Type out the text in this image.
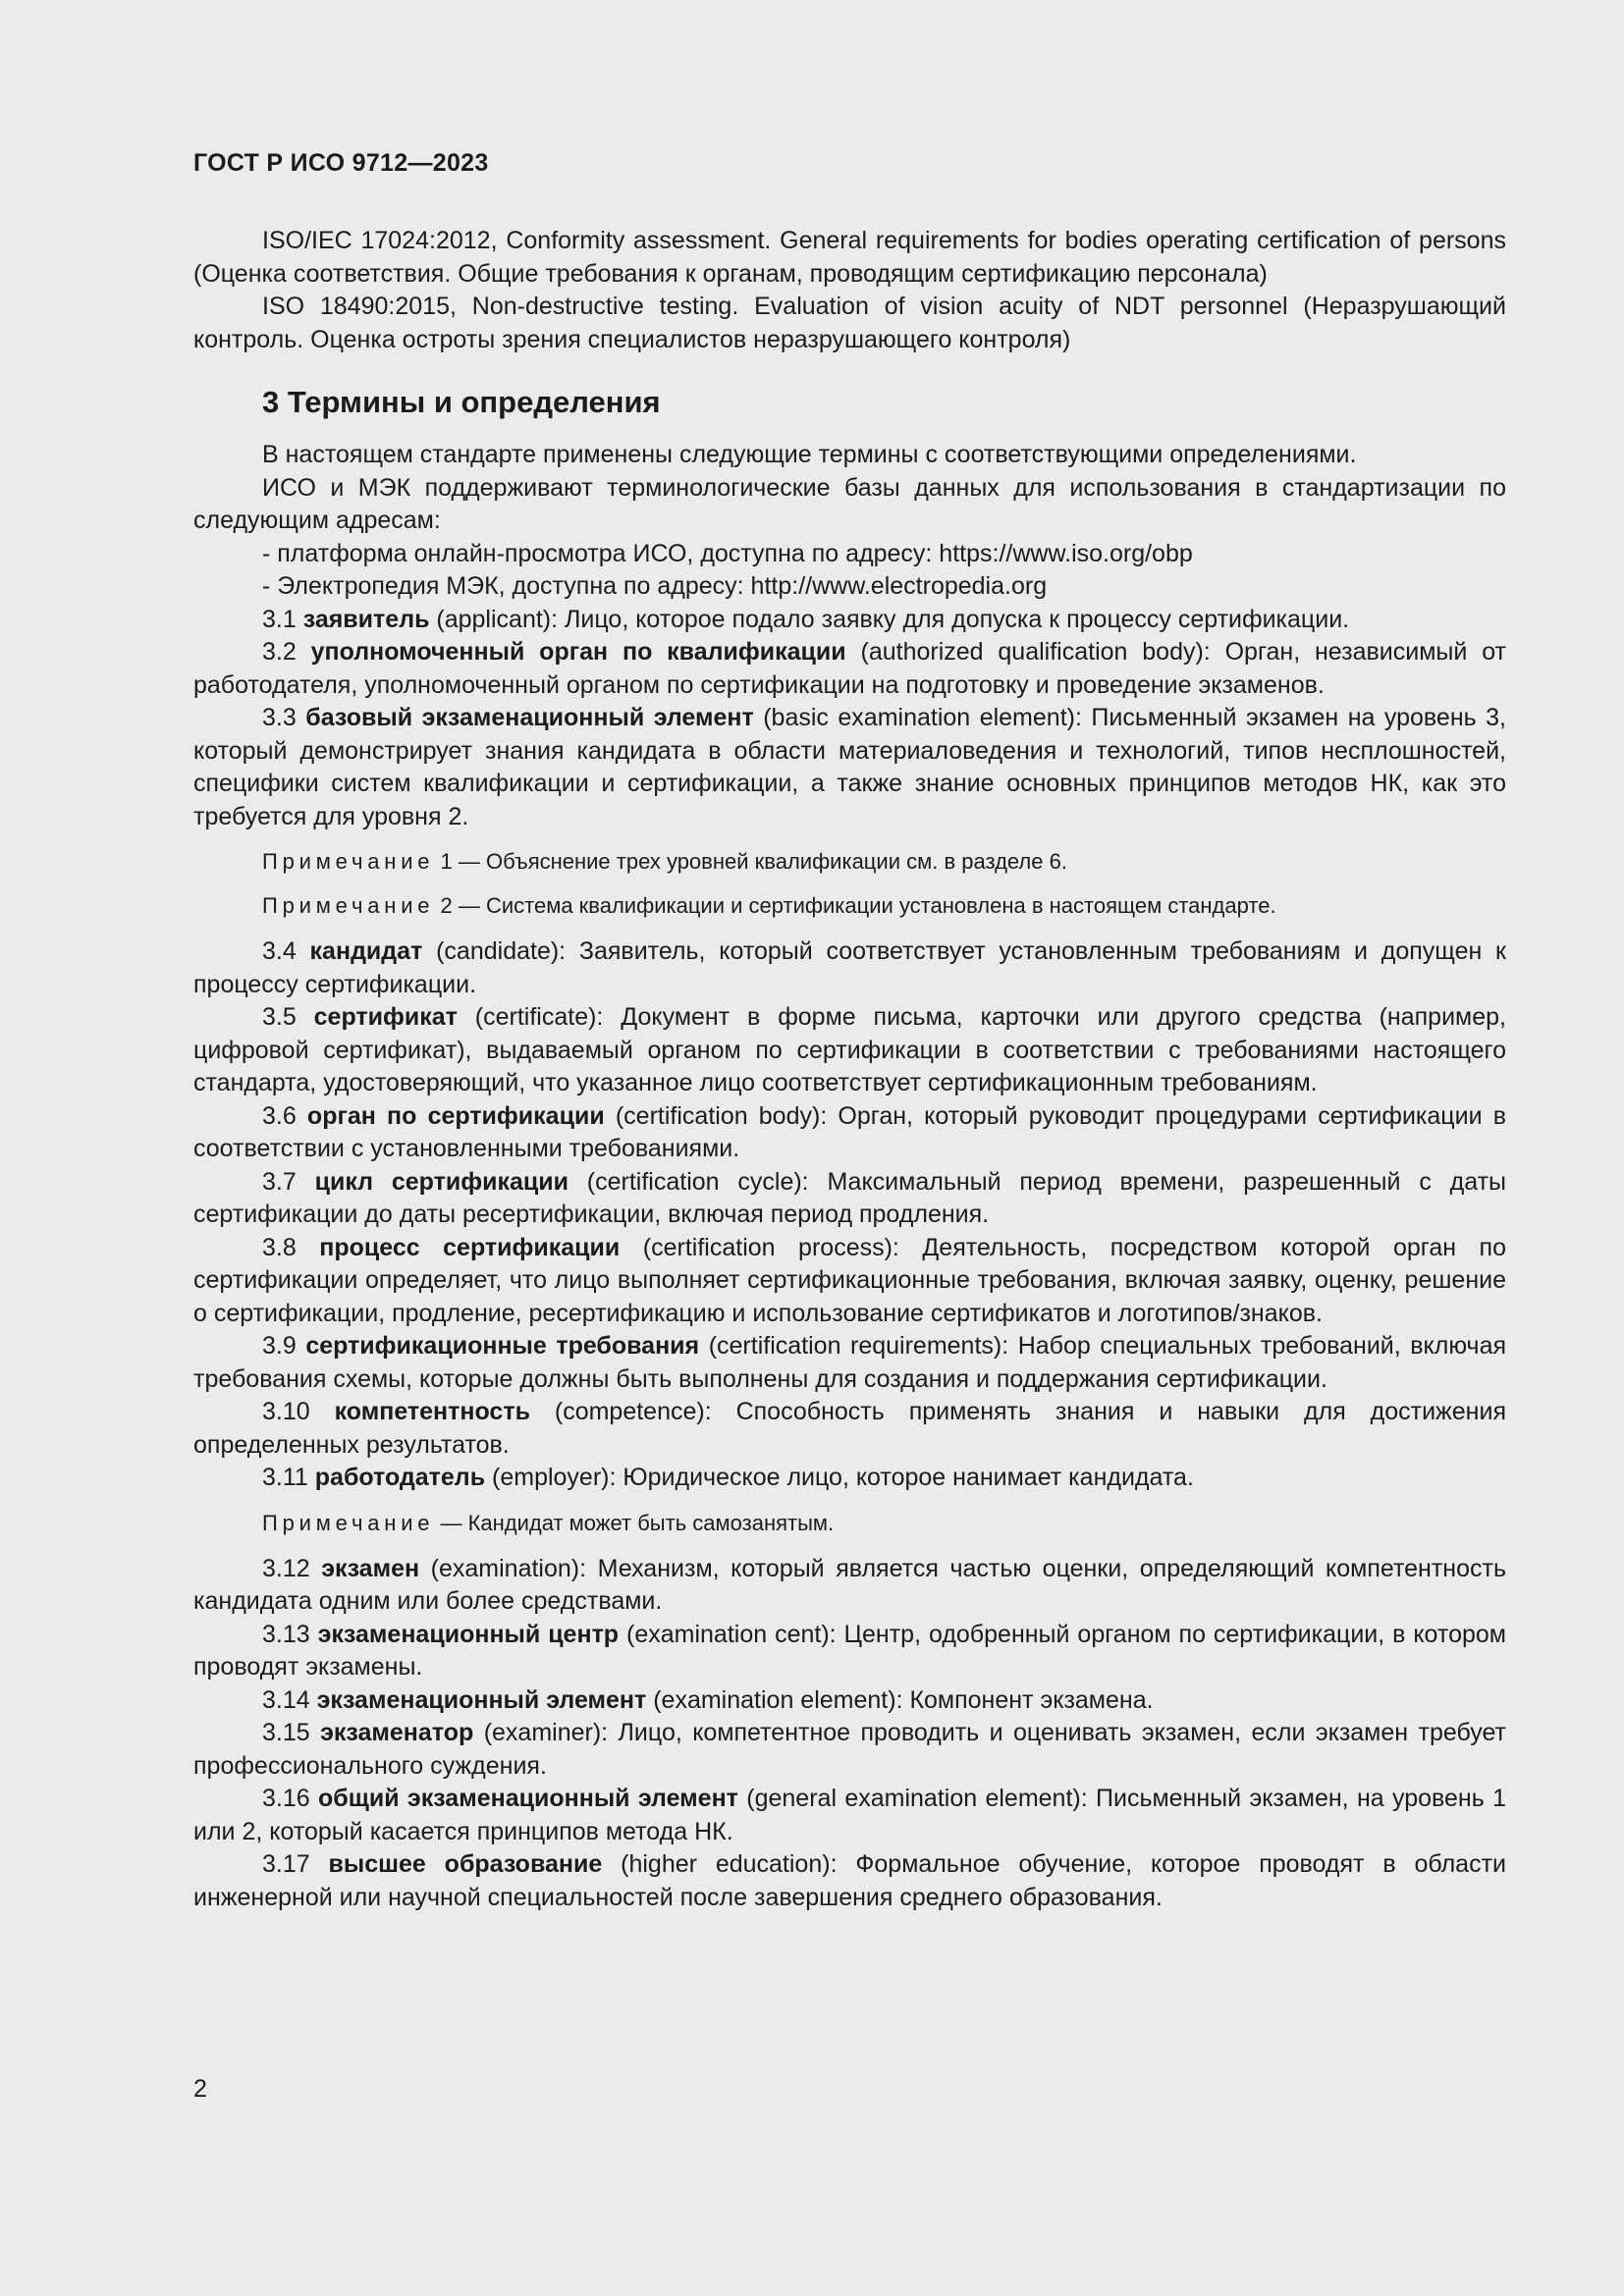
ГОСТ Р ИСО 9712—2023

ISO/IEC 17024:2012, Conformity assessment. General requirements for bodies operating certification of persons (Оценка соответствия. Общие требования к органам, проводящим сертификацию персонала)

ISO 18490:2015, Non-destructive testing. Evaluation of vision acuity of NDT personnel (Неразрушающий контроль. Оценка остроты зрения специалистов неразрушающего контроля)

3 Термины и определения

В настоящем стандарте применены следующие термины с соответствующими определениями.

ИСО и МЭК поддерживают терминологические базы данных для использования в стандартизации по следующим адресам:

- платформа онлайн-просмотра ИСО, доступна по адресу: https://www.iso.org/obp

- Электропедия МЭК, доступна по адресу: http://www.electropedia.org

3.1 заявитель (applicant): Лицо, которое подало заявку для допуска к процессу сертификации.

3.2 уполномоченный орган по квалификации (authorized qualification body): Орган, независимый от работодателя, уполномоченный органом по сертификации на подготовку и проведение экзаменов.

3.3 базовый экзаменационный элемент (basic examination element): Письменный экзамен на уровень 3, который демонстрирует знания кандидата в области материаловедения и технологий, типов несплошностей, специфики систем квалификации и сертификации, а также знание основных принципов методов НК, как это требуется для уровня 2.

Примечание 1 — Объяснение трех уровней квалификации см. в разделе 6.
Примечание 2 — Система квалификации и сертификации установлена в настоящем стандарте.

3.4 кандидат (candidate): Заявитель, который соответствует установленным требованиям и допущен к процессу сертификации.

3.5 сертификат (certificate): Документ в форме письма, карточки или другого средства (например, цифровой сертификат), выдаваемый органом по сертификации в соответствии с требованиями настоящего стандарта, удостоверяющий, что указанное лицо соответствует сертификационным требованиям.

3.6 орган по сертификации (certification body): Орган, который руководит процедурами сертификации в соответствии с установленными требованиями.

3.7 цикл сертификации (certification cycle): Максимальный период времени, разрешенный с даты сертификации до даты ресертификации, включая период продления.

3.8 процесс сертификации (certification process): Деятельность, посредством которой орган по сертификации определяет, что лицо выполняет сертификационные требования, включая заявку, оценку, решение о сертификации, продление, ресертификацию и использование сертификатов и логотипов/знаков.

3.9 сертификационные требования (certification requirements): Набор специальных требований, включая требования схемы, которые должны быть выполнены для создания и поддержания сертификации.

3.10 компетентность (competence): Способность применять знания и навыки для достижения определенных результатов.

3.11 работодатель (employer): Юридическое лицо, которое нанимает кандидата.

Примечание — Кандидат может быть самозанятым.

3.12 экзамен (examination): Механизм, который является частью оценки, определяющий компетентность кандидата одним или более средствами.

3.13 экзаменационный центр (examination cent): Центр, одобренный органом по сертификации, в котором проводят экзамены.

3.14 экзаменационный элемент (examination element): Компонент экзамена.

3.15 экзаменатор (examiner): Лицо, компетентное проводить и оценивать экзамен, если экзамен требует профессионального суждения.

3.16 общий экзаменационный элемент (general examination element): Письменный экзамен, на уровень 1 или 2, который касается принципов метода НК.

3.17 высшее образование (higher education): Формальное обучение, которое проводят в области инженерной или научной специальностей после завершения среднего образования.

2
